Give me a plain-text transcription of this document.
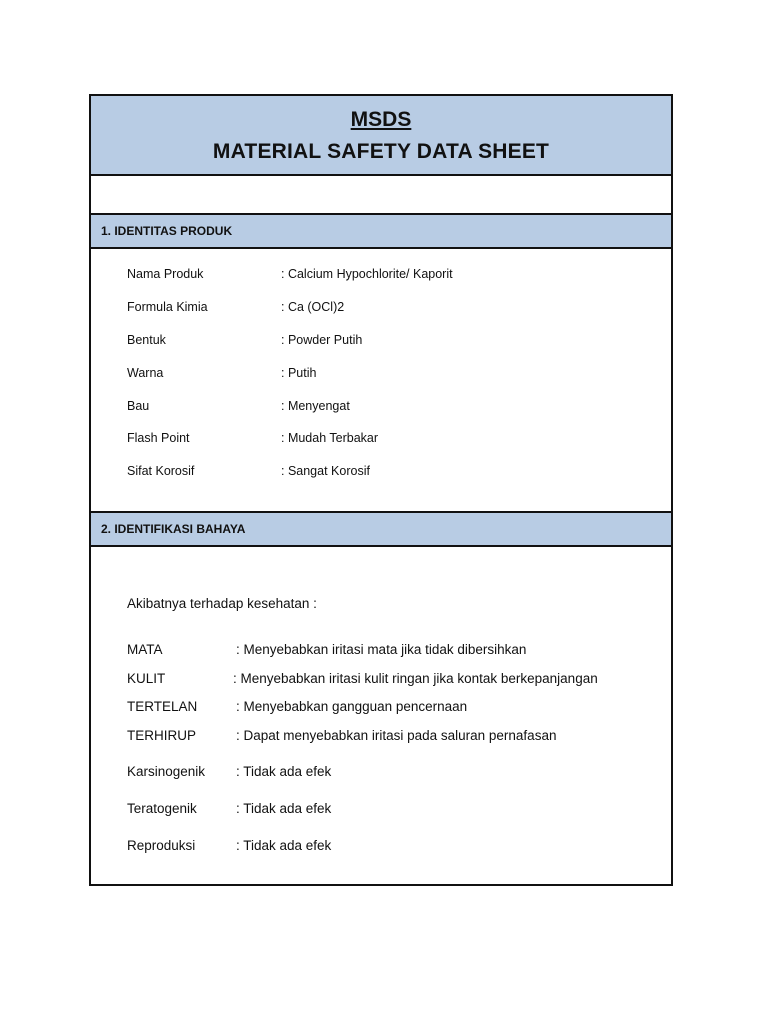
MSDS
MATERIAL SAFETY DATA SHEET
1. IDENTITAS PRODUK
Nama Produk	: Calcium Hypochlorite/ Kaporit
Formula Kimia	: Ca (OCl)2
Bentuk	: Powder Putih
Warna	: Putih
Bau	: Menyengat
Flash Point	: Mudah Terbakar
Sifat Korosif	: Sangat Korosif
2. IDENTIFIKASI BAHAYA
Akibatnya terhadap kesehatan :
MATA	: Menyebabkan iritasi mata jika tidak dibersihkan
KULIT	: Menyebabkan iritasi kulit ringan jika kontak berkepanjangan
TERTELAN	: Menyebabkan gangguan pencernaan
TERHIRUP	: Dapat menyebabkan iritasi pada saluran pernafasan
Karsinogenik : Tidak ada efek
Teratogenik	: Tidak ada efek
Reproduksi	: Tidak ada efek
